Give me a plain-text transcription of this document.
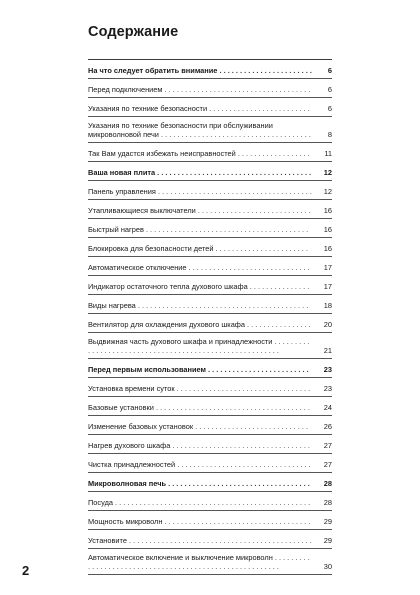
Содержание
На что следует обратить внимание . . . . . . . . . . . . . . . . . . . . . . .	6
Перед подключением . . . . . . . . . . . . . . . . . . . . . . . . . . . . . . . . . . . .	6
Указания по технике безопасности . . . . . . . . . . . . . . . . . . . . . . . . .	6
Указания по технике безопасности при обслуживании микроволновой печи . . . . . . . . . . . . . . . . . . . . . . . . . . . . . . . . . . . . .	8
Так Вам удастся избежать неисправностей . . . . . . . . . . . . . . . . . .	11
Ваша новая плита . . . . . . . . . . . . . . . . . . . . . . . . . . . . . . . . . . . . . .	12
Панель управления . . . . . . . . . . . . . . . . . . . . . . . . . . . . . . . . . . . . . .	12
Утапливающиеся выключатели . . . . . . . . . . . . . . . . . . . . . . . . . . . .	16
Быстрый нагрев . . . . . . . . . . . . . . . . . . . . . . . . . . . . . . . . . . . . . . . .	16
Блокировка для безопасности детей . . . . . . . . . . . . . . . . . . . . . . .	16
Автоматическое отключение . . . . . . . . . . . . . . . . . . . . . . . . . . . . . .	17
Индикатор остаточного тепла духового шкафа . . . . . . . . . . . . . . .	17
Виды нагрева . . . . . . . . . . . . . . . . . . . . . . . . . . . . . . . . . . . . . . . . . .	18
Вентилятор для охлаждения духового шкафа . . . . . . . . . . . . . . . .	20
Выдвижная часть духового шкафа и принадлежности . . . . . . . . . . . . . . . . . . . . . . . . . . . . . . . . . . . . . . . . . . . . . . . . . . . . . . . .	21
Перед первым использованием . . . . . . . . . . . . . . . . . . . . . . . . .	23
Установка времени суток . . . . . . . . . . . . . . . . . . . . . . . . . . . . . . . . .	23
Базовые установки . . . . . . . . . . . . . . . . . . . . . . . . . . . . . . . . . . . . . .	24
Изменение базовых установок . . . . . . . . . . . . . . . . . . . . . . . . . . . .	26
Нагрев духового шкафа . . . . . . . . . . . . . . . . . . . . . . . . . . . . . . . . . .	27
Чистка принадлежностей . . . . . . . . . . . . . . . . . . . . . . . . . . . . . . . . .	27
Микроволновая печь . . . . . . . . . . . . . . . . . . . . . . . . . . . . . . . . . . .	28
Посуда . . . . . . . . . . . . . . . . . . . . . . . . . . . . . . . . . . . . . . . . . . . . . . . .	28
Мощность микроволн . . . . . . . . . . . . . . . . . . . . . . . . . . . . . . . . . . . .	29
Установите . . . . . . . . . . . . . . . . . . . . . . . . . . . . . . . . . . . . . . . . . . . . .	29
Автоматическое включение и выключение микроволн . . . . . . . . . . . . . . . . . . . . . . . . . . . . . . . . . . . . . . . . . . . . . . . . . . . . . . . .	30
2
